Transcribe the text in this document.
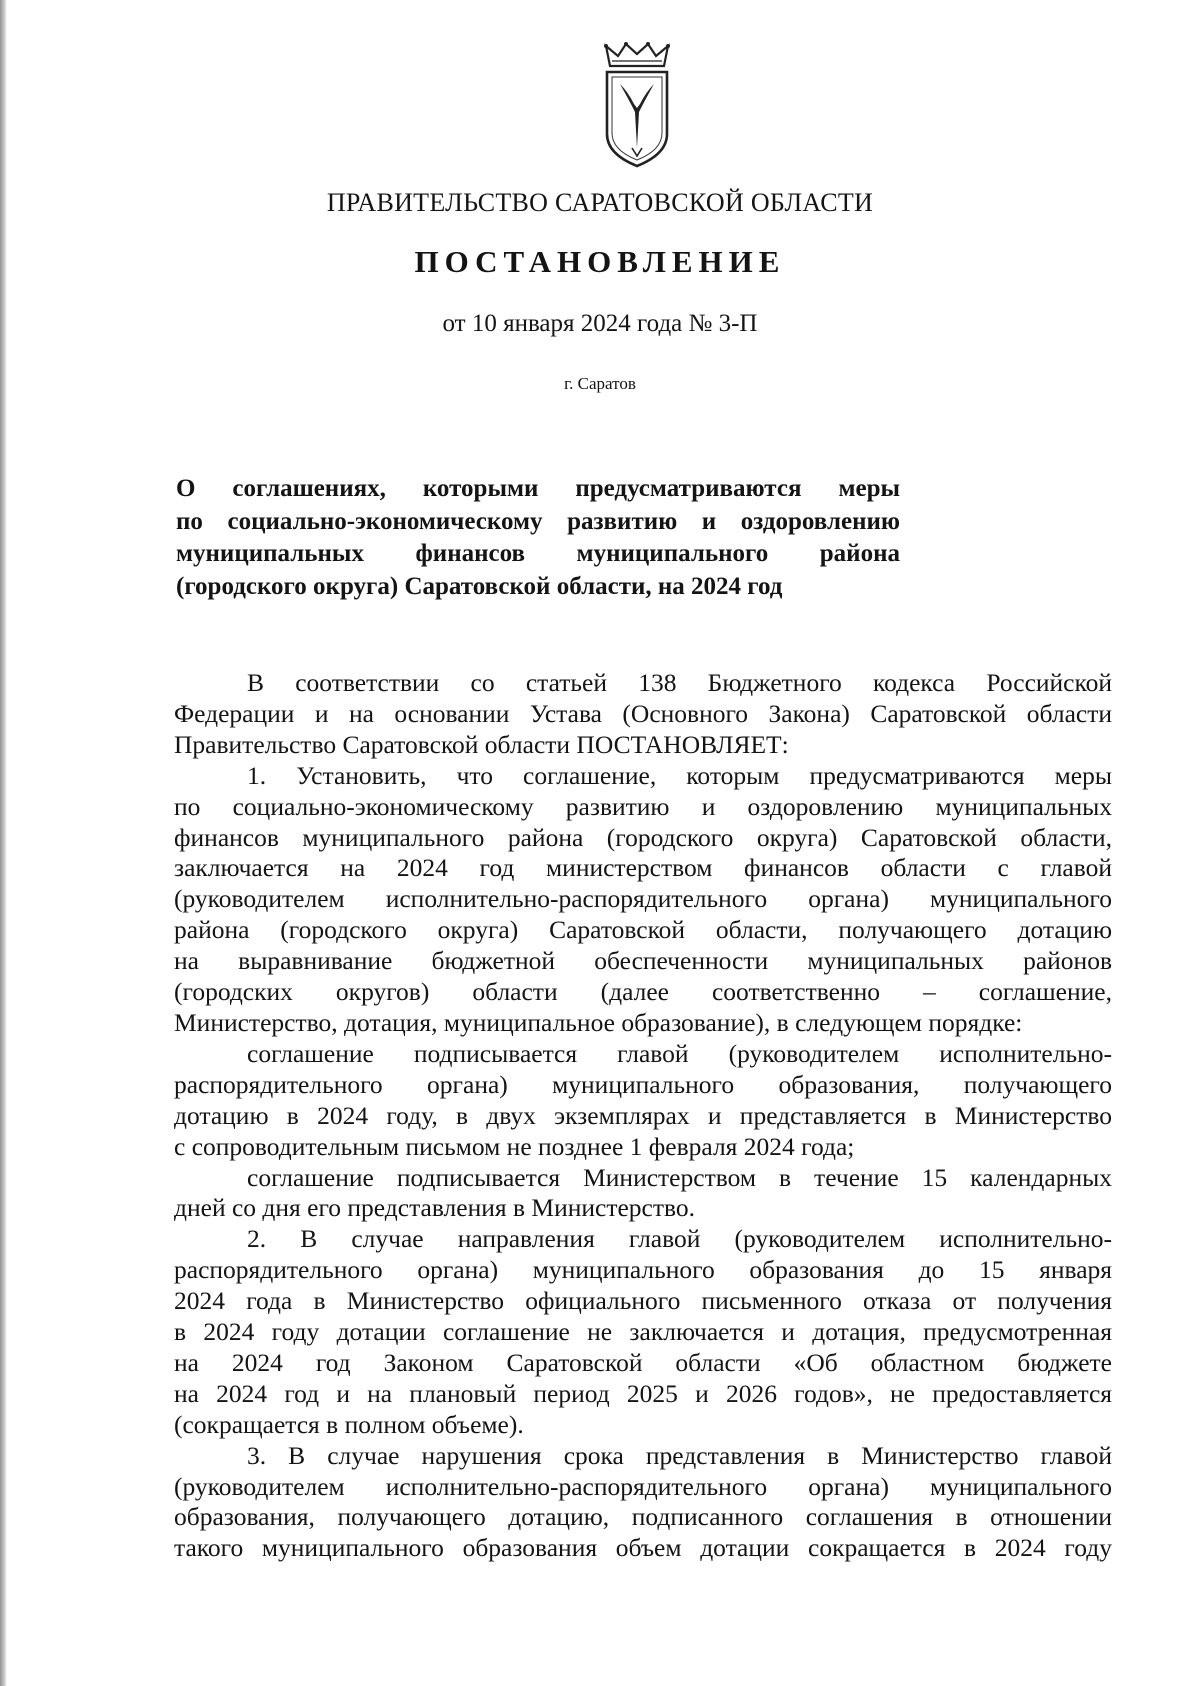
ПРАВИТЕЛЬСТВО САРАТОВСКОЙ ОБЛАСТИ
ПОСТАНОВЛЕНИЕ
от 10 января 2024 года № 3-П
г. Саратов
О соглашениях, которыми предусматриваются меры
по социально-экономическому развитию и оздоровлению
муниципальных финансов муниципального района
(городского округа) Саратовской области, на 2024 год
В соответствии со статьей 138 Бюджетного кодекса Российской
Федерации и на основании Устава (Основного Закона) Саратовской области
Правительство Саратовской области ПОСТАНОВЛЯЕТ:
1. Установить, что соглашение, которым предусматриваются меры
по социально-экономическому развитию и оздоровлению муниципальных
финансов муниципального района (городского округа) Саратовской области,
заключается на 2024 год министерством финансов области с главой
(руководителем исполнительно-распорядительного органа) муниципального
района (городского округа) Саратовской области, получающего дотацию
на выравнивание бюджетной обеспеченности муниципальных районов
(городских округов) области (далее соответственно – соглашение,
Министерство, дотация, муниципальное образование), в следующем порядке:
соглашение подписывается главой (руководителем исполнительно-
распорядительного органа) муниципального образования, получающего
дотацию в 2024 году, в двух экземплярах и представляется в Министерство
с сопроводительным письмом не позднее 1 февраля 2024 года;
соглашение подписывается Министерством в течение 15 календарных
дней со дня его представления в Министерство.
2. В случае направления главой (руководителем исполнительно-
распорядительного органа) муниципального образования до 15 января
2024 года в Министерство официального письменного отказа от получения
в 2024 году дотации соглашение не заключается и дотация, предусмотренная
на 2024 год Законом Саратовской области «Об областном бюджете
на 2024 год и на плановый период 2025 и 2026 годов», не предоставляется
(сокращается в полном объеме).
3. В случае нарушения срока представления в Министерство главой
(руководителем исполнительно-распорядительного органа) муниципального
образования, получающего дотацию, подписанного соглашения в отношении
такого муниципального образования объем дотации сокращается в 2024 году
